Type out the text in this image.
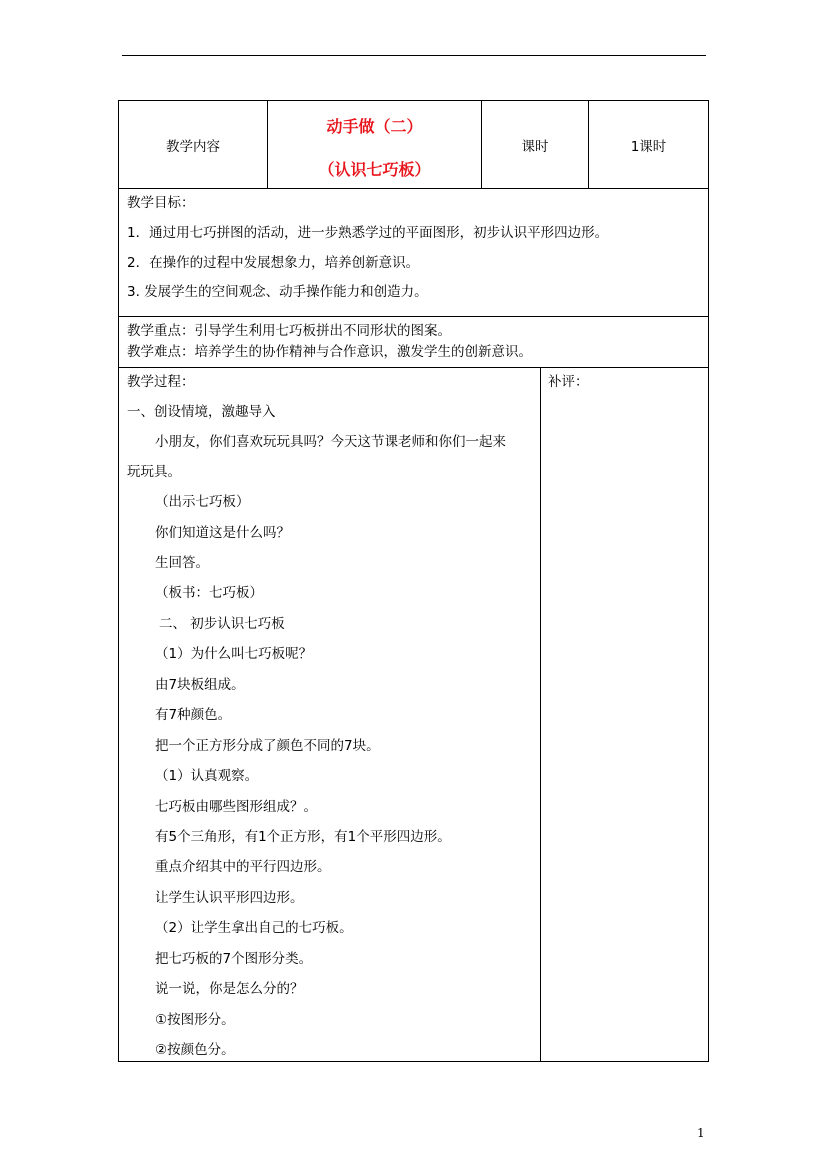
教学内容
动手做（二）
（认识七巧板）
课时	1课时
教学目标：
1．通过用七巧拼图的活动，进一步熟悉学过的平面图形，初步认识平形四边形。
2．在操作的过程中发展想象力，培养创新意识。
3. 发展学生的空间观念、动手操作能力和创造力。
教学重点：引导学生利用七巧板拼出不同形状的图案。
教学难点：培养学生的协作精神与合作意识，激发学生的创新意识。
教学过程：	补评：
一、创设情境，激趣导入
小朋友，你们喜欢玩玩具吗？今天这节课老师和你们一起来
玩玩具。
（出示七巧板）
你们知道这是什么吗？
生回答。
（板书：七巧板）
二、 初步认识七巧板
（1）为什么叫七巧板呢？
由7块板组成。
有7种颜色。
把一个正方形分成了颜色不同的7块。
（1）认真观察。
七巧板由哪些图形组成？。
有5个三角形，有1个正方形，有1个平形四边形。
重点介绍其中的平行四边形。
让学生认识平形四边形。
（2）让学生拿出自己的七巧板。
把七巧板的7个图形分类。
说一说，你是怎么分的？
①按图形分。
②按颜色分。
1
